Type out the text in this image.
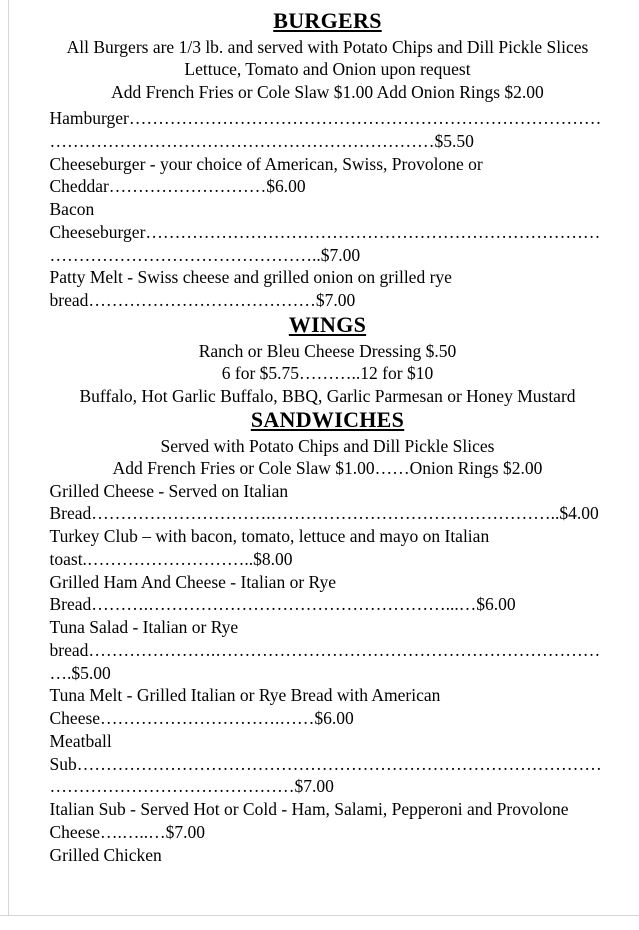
BURGERS
All Burgers are 1/3 lb. and served with Potato Chips and Dill Pickle Slices
Lettuce, Tomato and Onion upon request
Add French Fries or Cole Slaw $1.00 Add Onion Rings $2.00
Hamburger…………………………………………………………………………………………………………………………………$5.50
Cheeseburger - your choice of American, Swiss, Provolone or Cheddar………………………$6.00
Bacon Cheeseburger……………………………………………………………………………………………………………..$7.00
Patty Melt - Swiss cheese and grilled onion on grilled rye bread…………………………………$7.00
WINGS
Ranch or Bleu Cheese Dressing $.50
6 for $5.75………..12 for $10
Buffalo, Hot Garlic Buffalo, BBQ, Garlic Parmesan or Honey Mustard
SANDWICHES
Served with Potato Chips and Dill Pickle Slices
Add French Fries or Cole Slaw $1.00……Onion Rings $2.00
Grilled Cheese - Served on Italian Bread………………………….…………………………………………..$4.00
Turkey Club – with bacon, tomato, lettuce and mayo on Italian toast.………………………..$8.00
Grilled Ham And Cheese - Italian or Rye Bread……….……………………………………………...…$6.00
Tuna Salad - Italian or Rye bread………………….…………………………………………………………….$5.00
Tuna Melt - Grilled Italian or Rye Bread with American Cheese………………………….……$6.00
Meatball Sub……………………………………………………………………………………………………………………$7.00
Italian Sub - Served Hot or Cold - Ham, Salami, Pepperoni and Provolone Cheese….…..…$7.00
Grilled Chicken
